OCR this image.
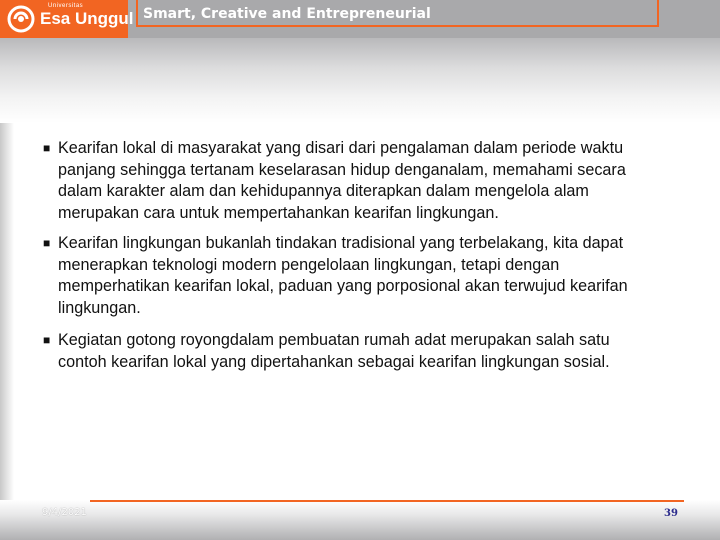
Universitas
Esa Unggul Smart, Creative and Entrepreneurial
■ Kearifan lokal di masyarakat yang disari dari pengalaman dalam periode waktu
panjang sehingga tertanam keselarasan hidup denganalam, memahami secara
dalam karakter alam dan kehidupannya diterapkan dalam mengelola alam
merupakan cara untuk mempertahankan kearifan lingkungan.
■ Kearifan lingkungan bukanlah tindakan tradisional yang terbelakang, kita dapat
menerapkan teknologi modern pengelolaan lingkungan, tetapi dengan
memperhatikan kearifan lokal, paduan yang porposional akan terwujud kearifan
lingkungan.
■ Kegiatan gotong royongdalam pembuatan rumah adat merupakan salah satu
contoh kearifan lokal yang dipertahankan sebagai kearifan lingkungan sosial.
9/4/2021	39
